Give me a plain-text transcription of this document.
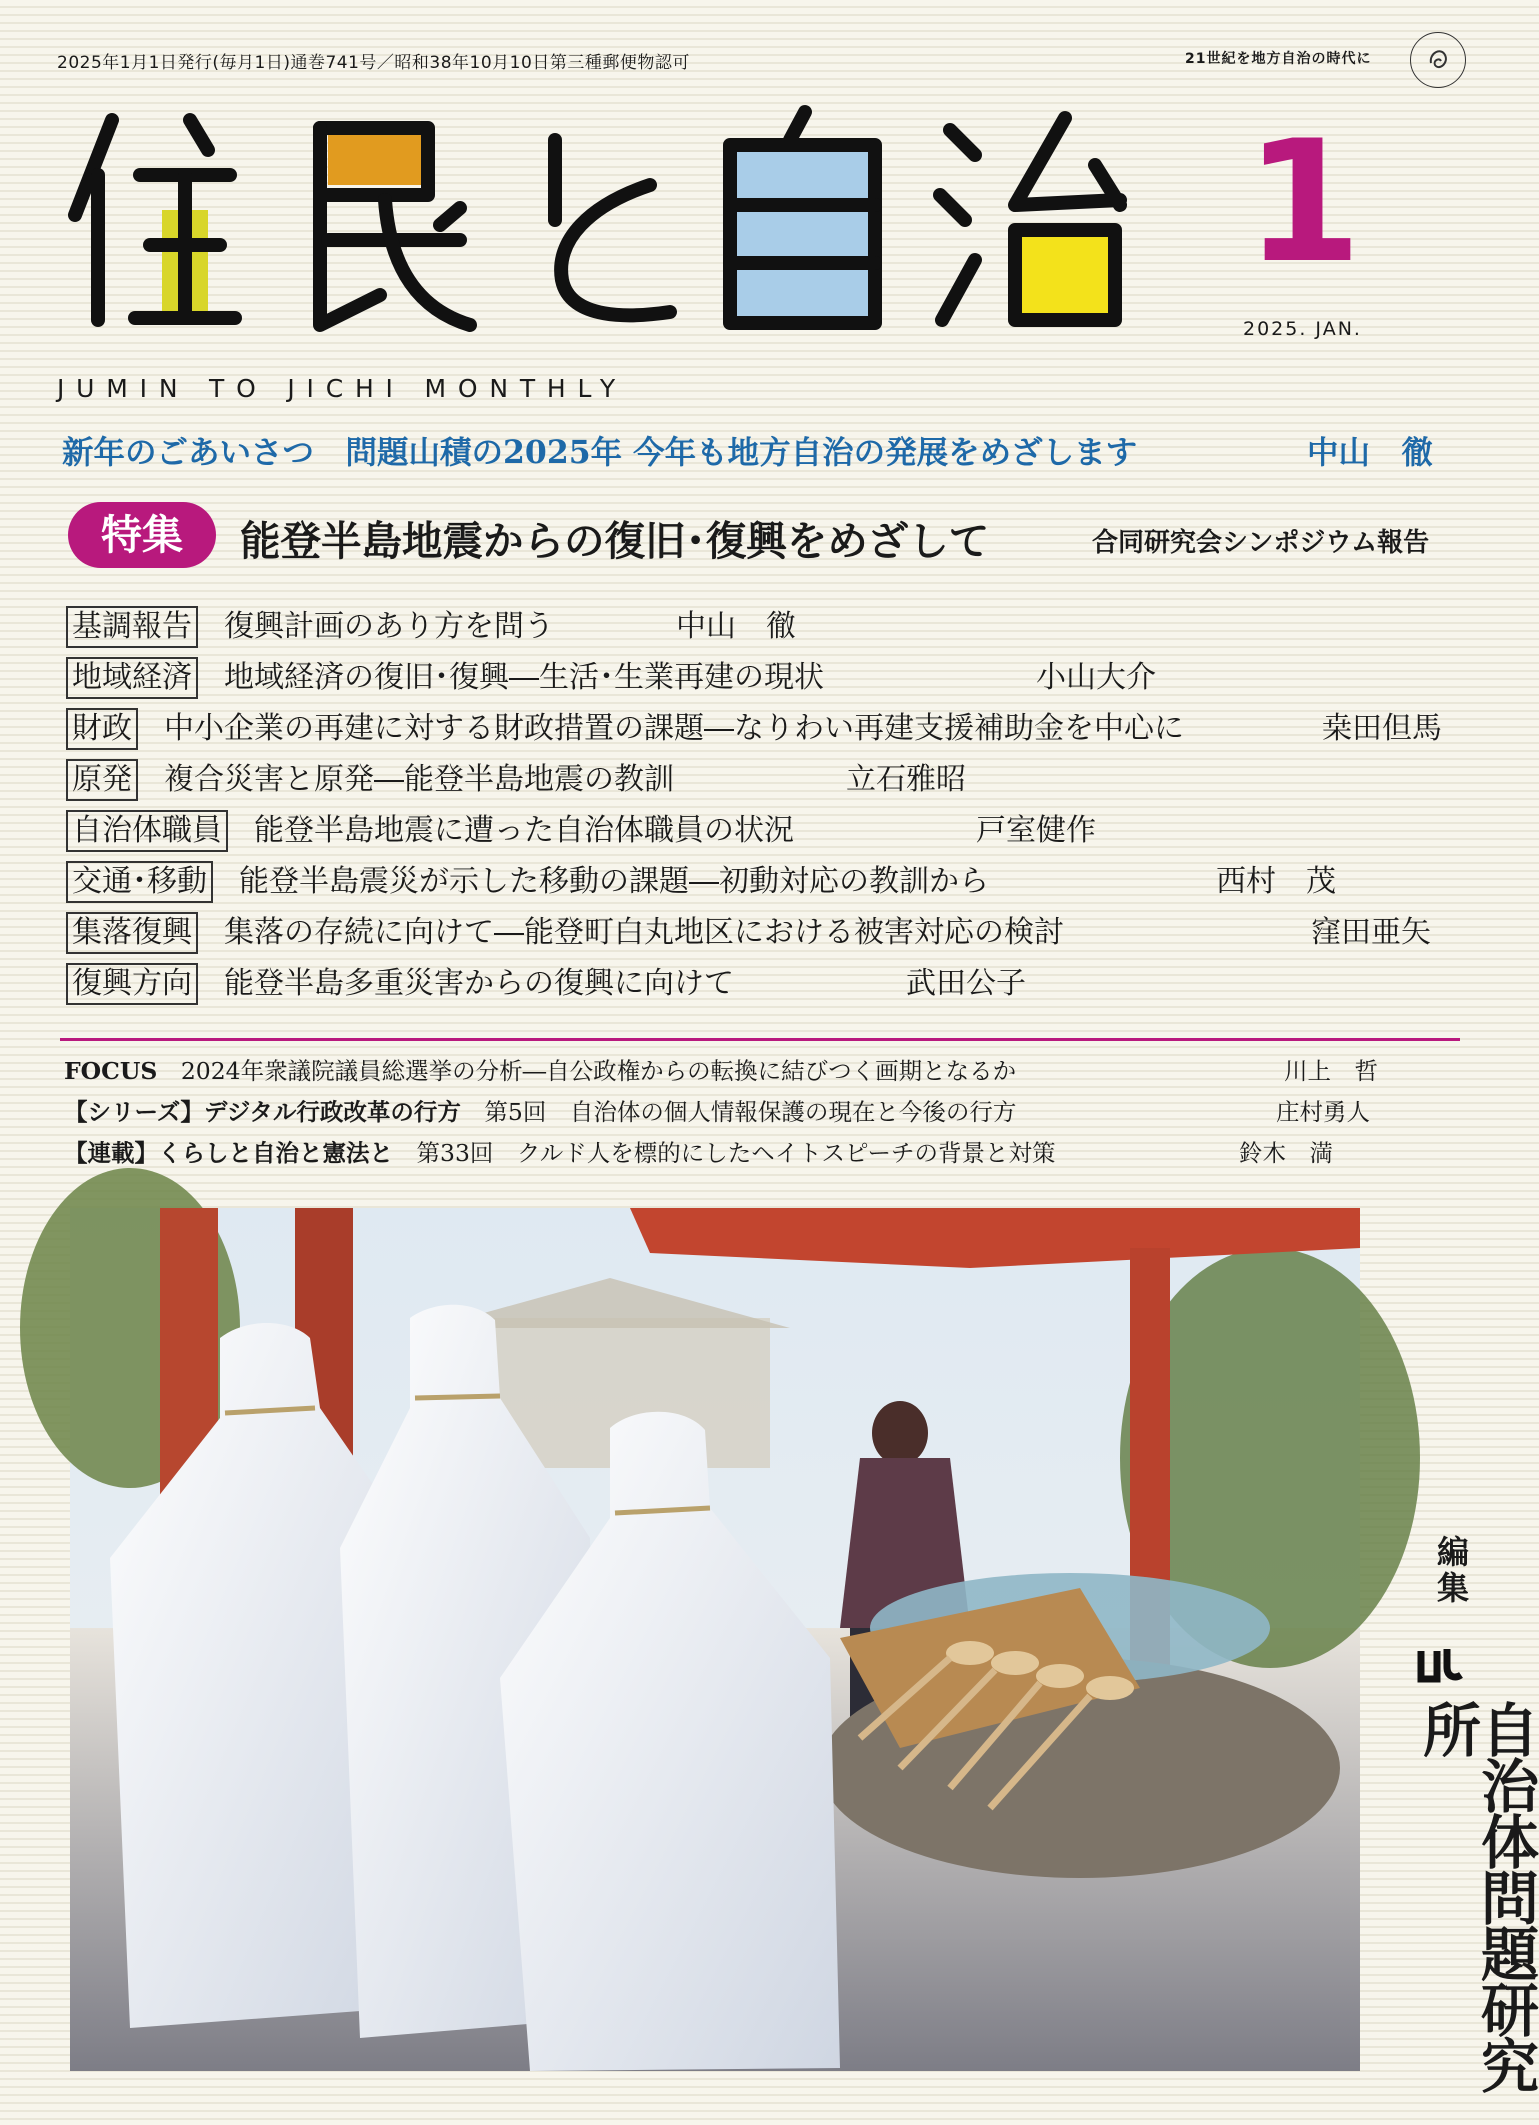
2025年1月1日発行(毎月1日)通巻741号／昭和38年10月10日第三種郵便物認可	21世紀を地方自治の時代に
1
2025. JAN.
JUMIN TO JICHI MONTHLY
新年のごあいさつ　問題山積の2025年 今年も地方自治の発展をめざします	中山　徹
特集	能登半島地震からの復旧･復興をめざして	合同研究会シンポジウム報告
基調報告 復興計画のあり方を問う	中山　徹
地域経済 地域経済の復旧･復興―生活･生業再建の現状	小山大介
財政 中小企業の再建に対する財政措置の課題―なりわい再建支援補助金を中心に	桒田但馬
原発 複合災害と原発―能登半島地震の教訓	立石雅昭
自治体職員 能登半島地震に遭った自治体職員の状況	戸室健作
交通･移動 能登半島震災が示した移動の課題―初動対応の教訓から	西村　茂
集落復興 集落の存続に向けて―能登町白丸地区における被害対応の検討	窪田亜矢
復興方向 能登半島多重災害からの復興に向けて	武田公子
FOCUS　 2024年衆議院議員総選挙の分析―自公政権からの転換に結びつく画期となるか	川上　哲
【シリーズ】デジタル行政改革の行方　 第5回　自治体の個人情報保護の現在と今後の行方	庄村勇人
【連載】くらしと自治と憲法と　 第33回　クルド人を標的にしたヘイトスピーチの背景と対策	鈴木　満
編集
自治体問題研究所
